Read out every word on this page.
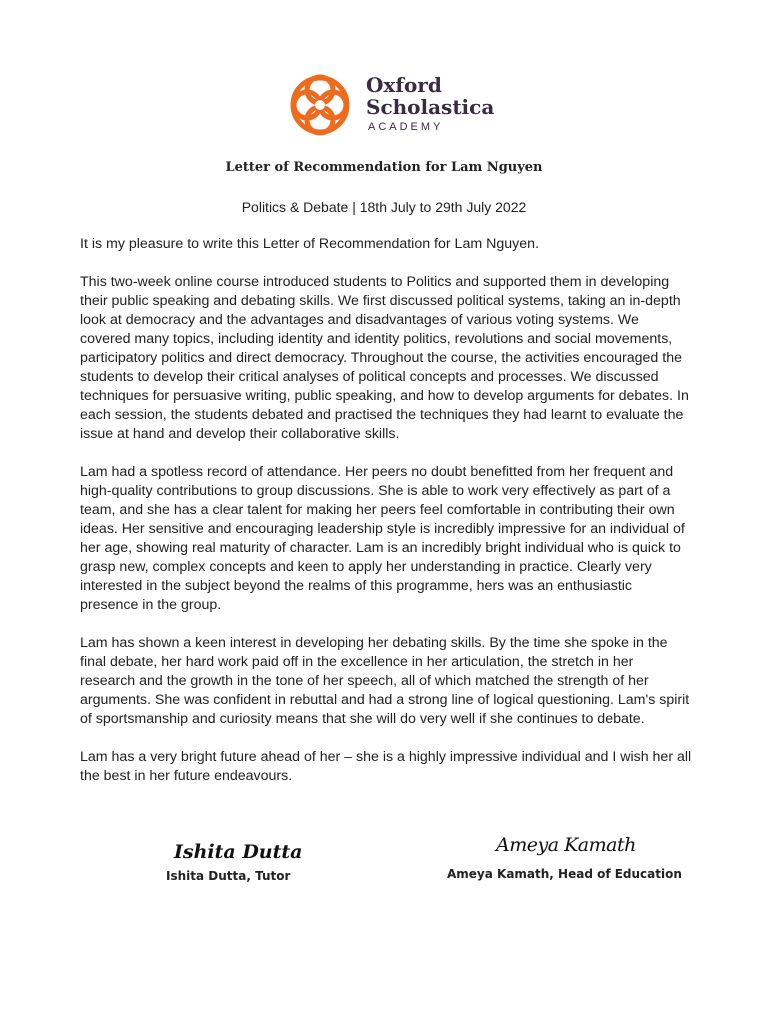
Oxford
Scholastica
ACADEMY
Letter of Recommendation for Lam Nguyen
Politics & Debate | 18th July to 29th July 2022

It is my pleasure to write this Letter of Recommendation for Lam Nguyen.

This two-week online course introduced students to Politics and supported them in developing their public speaking and debating skills. We first discussed political systems, taking an in-depth look at democracy and the advantages and disadvantages of various voting systems. We covered many topics, including identity and identity politics, revolutions and social movements, participatory politics and direct democracy. Throughout the course, the activities encouraged the students to develop their critical analyses of political concepts and processes. We discussed techniques for persuasive writing, public speaking, and how to develop arguments for debates. In each session, the students debated and practised the techniques they had learnt to evaluate the issue at hand and develop their collaborative skills.

Lam had a spotless record of attendance. Her peers no doubt benefitted from her frequent and high-quality contributions to group discussions. She is able to work very effectively as part of a team, and she has a clear talent for making her peers feel comfortable in contributing their own ideas. Her sensitive and encouraging leadership style is incredibly impressive for an individual of her age, showing real maturity of character. Lam is an incredibly bright individual who is quick to grasp new, complex concepts and keen to apply her understanding in practice. Clearly very interested in the subject beyond the realms of this programme, hers was an enthusiastic presence in the group.

Lam has shown a keen interest in developing her debating skills. By the time she spoke in the final debate, her hard work paid off in the excellence in her articulation, the stretch in her research and the growth in the tone of her speech, all of which matched the strength of her arguments. She was confident in rebuttal and had a strong line of logical questioning. Lam's spirit of sportsmanship and curiosity means that she will do very well if she continues to debate.

Lam has a very bright future ahead of her – she is a highly impressive individual and I wish her all the best in her future endeavours.

Ishita Dutta
Ishita Dutta, Tutor
Ameya Kamath
Ameya Kamath, Head of Education
